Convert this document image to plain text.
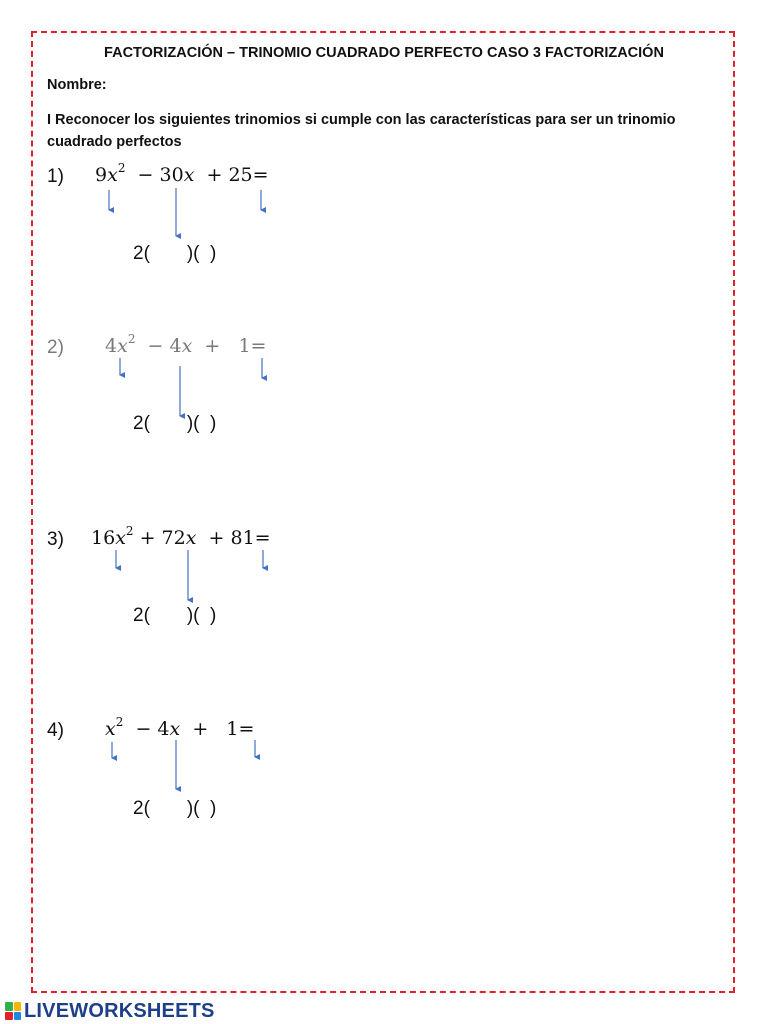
FACTORIZACIÓN – TRINOMIO CUADRADO PERFECTO CASO 3 FACTORIZACIÓN
Nombre:
I Reconocer los siguientes trinomios si cumple con las características para ser un trinomio cuadrado perfectos
1) $9x^2 - 30x + 25=$
2(       )(  )
2) $4x^2 - 4x + 1=$
2(       )(  )
3) $16x^2 + 72x + 81=$
2(       )(  )
4) $x^2 - 4x + 1=$
2(       )(  )
LIVEWORKSHEETS
